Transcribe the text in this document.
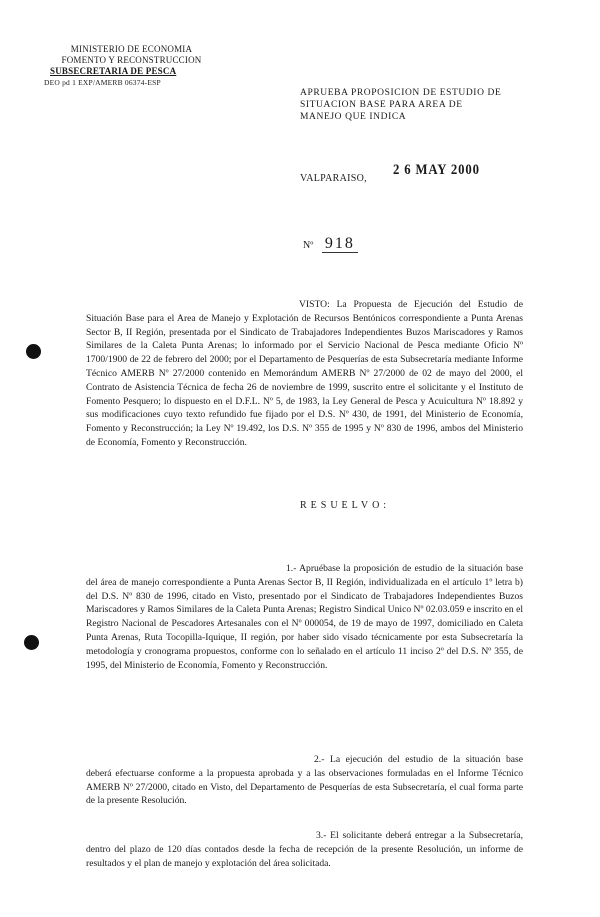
MINISTERIO DE ECONOMIA
FOMENTO Y RECONSTRUCCION
SUBSECRETARIA DE PESCA
DEO pd 1 EXP/AMERB 06374-ESP
APRUEBA PROPOSICION DE ESTUDIO DE
SITUACION BASE PARA AREA DE
MANEJO QUE INDICA
VALPARAISO,
2 6 MAY 2000
Nº 918
VISTO: La Propuesta de Ejecución del Estudio de Situación Base para el Area de Manejo y Explotación de Recursos Bentónicos correspondiente a Punta Arenas Sector B, II Región, presentada por el Sindicato de Trabajadores Independientes Buzos Mariscadores y Ramos Similares de la Caleta Punta Arenas; lo informado por el Servicio Nacional de Pesca mediante Oficio Nº 1700/1900 de 22 de febrero del 2000; por el Departamento de Pesquerías de esta Subsecretaría mediante Informe Técnico AMERB Nº 27/2000 contenido en Memorándum AMERB Nº 27/2000 de 02 de mayo del 2000, el Contrato de Asistencia Técnica de fecha 26 de noviembre de 1999, suscrito entre el solicitante y el Instituto de Fomento Pesquero; lo dispuesto en el D.F.L. Nº 5, de 1983, la Ley General de Pesca y Acuicultura Nº 18.892 y sus modificaciones cuyo texto refundido fue fijado por el D.S. Nº 430, de 1991, del Ministerio de Economía, Fomento y Reconstrucción; la Ley Nº 19.492, los D.S. Nº 355 de 1995 y Nº 830 de 1996, ambos del Ministerio de Economía, Fomento y Reconstrucción.
RESUELVO:
1.- Apruébase la proposición de estudio de la situación base del área de manejo correspondiente a Punta Arenas Sector B, II Región, individualizada en el artículo 1º letra b) del D.S. Nº 830 de 1996, citado en Visto, presentado por el Sindicato de Trabajadores Independientes Buzos Mariscadores y Ramos Similares de la Caleta Punta Arenas; Registro Sindical Unico Nº 02.03.059 e inscrito en el Registro Nacional de Pescadores Artesanales con el Nº 000054, de 19 de mayo de 1997, domiciliado en Caleta Punta Arenas, Ruta Tocopilla-Iquique, II región, por haber sido visado técnicamente por esta Subsecretaría la metodología y cronograma propuestos, conforme con lo señalado en el artículo 11 inciso 2º del D.S. Nº 355, de 1995, del Ministerio de Economía, Fomento y Reconstrucción.
2.- La ejecución del estudio de la situación base deberá efectuarse conforme a la propuesta aprobada y a las observaciones formuladas en el Informe Técnico AMERB Nº 27/2000, citado en Visto, del Departamento de Pesquerías de esta Subsecretaría, el cual forma parte de la presente Resolución.
3.- El solicitante deberá entregar a la Subsecretaría, dentro del plazo de 120 días contados desde la fecha de recepción de la presente Resolución, un informe de resultados y el plan de manejo y explotación del área solicitada.
